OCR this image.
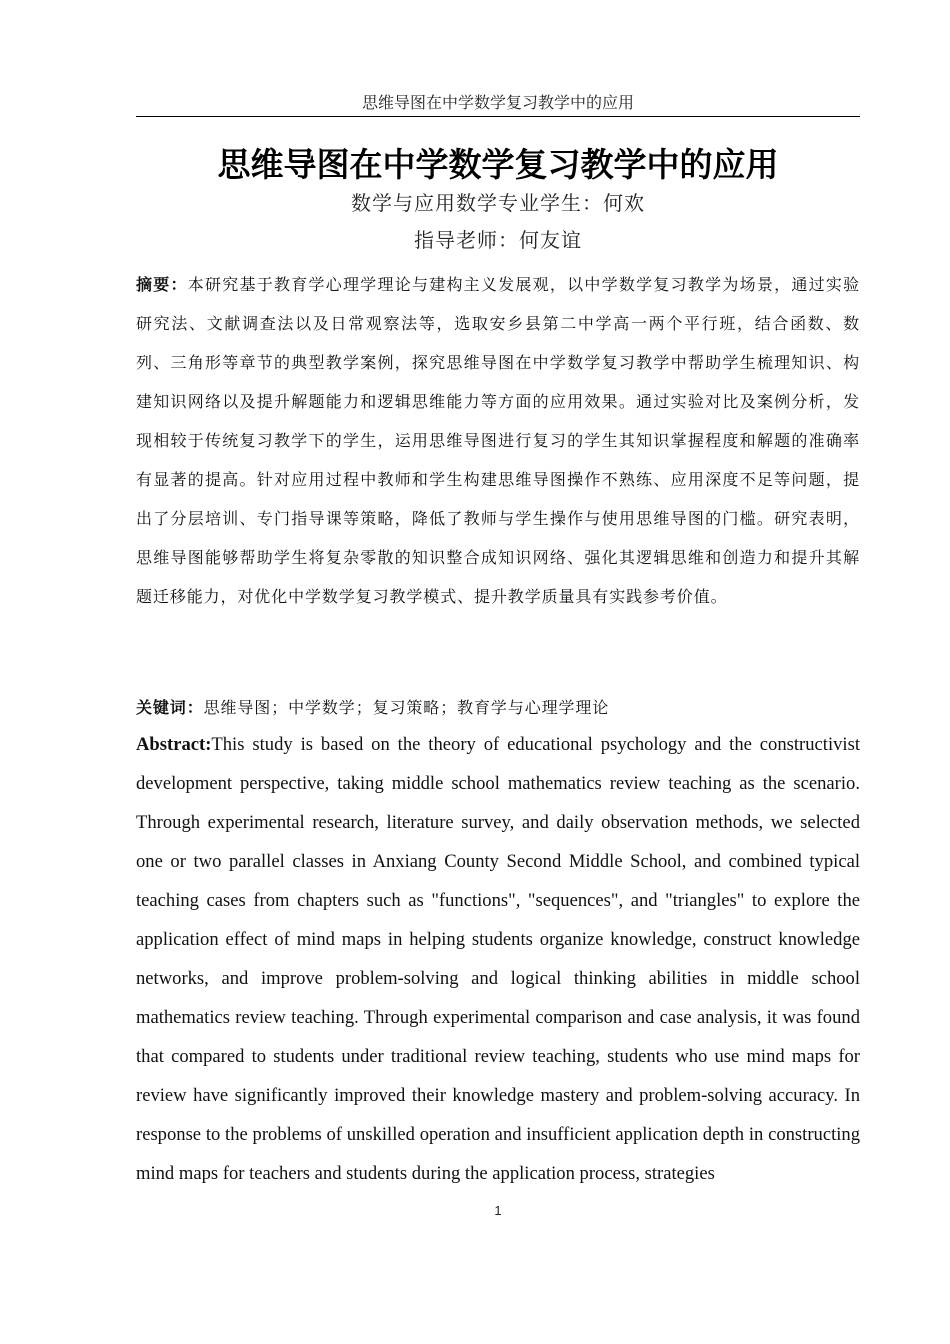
思维导图在中学数学复习教学中的应用
思维导图在中学数学复习教学中的应用
数学与应用数学专业学生：何欢
指导老师：何友谊
摘要：本研究基于教育学心理学理论与建构主义发展观，以中学数学复习教学为场景，通过实验研究法、文献调查法以及日常观察法等，选取安乡县第二中学高一两个平行班，结合函数、数列、三角形等章节的典型教学案例，探究思维导图在中学数学复习教学中帮助学生梳理知识、构建知识网络以及提升解题能力和逻辑思维能力等方面的应用效果。通过实验对比及案例分析，发现相较于传统复习教学下的学生，运用思维导图进行复习的学生其知识掌握程度和解题的准确率有显著的提高。针对应用过程中教师和学生构建思维导图操作不熟练、应用深度不足等问题，提出了分层培训、专门指导课等策略，降低了教师与学生操作与使用思维导图的门槛。研究表明，思维导图能够帮助学生将复杂零散的知识整合成知识网络、强化其逻辑思维和创造力和提升其解题迁移能力，对优化中学数学复习教学模式、提升教学质量具有实践参考价值。
关键词：思维导图；中学数学；复习策略；教育学与心理学理论
Abstract:This study is based on the theory of educational psychology and the constructivist development perspective, taking middle school mathematics review teaching as the scenario. Through experimental research, literature survey, and daily observation methods, we selected one or two parallel classes in Anxiang County Second Middle School, and combined typical teaching cases from chapters such as "functions", "sequences", and "triangles" to explore the application effect of mind maps in helping students organize knowledge, construct knowledge networks, and improve problem-solving and logical thinking abilities in middle school mathematics review teaching. Through experimental comparison and case analysis, it was found that compared to students under traditional review teaching, students who use mind maps for review have significantly improved their knowledge mastery and problem-solving accuracy. In response to the problems of unskilled operation and insufficient application depth in constructing mind maps for teachers and students during the application process, strategies
1
